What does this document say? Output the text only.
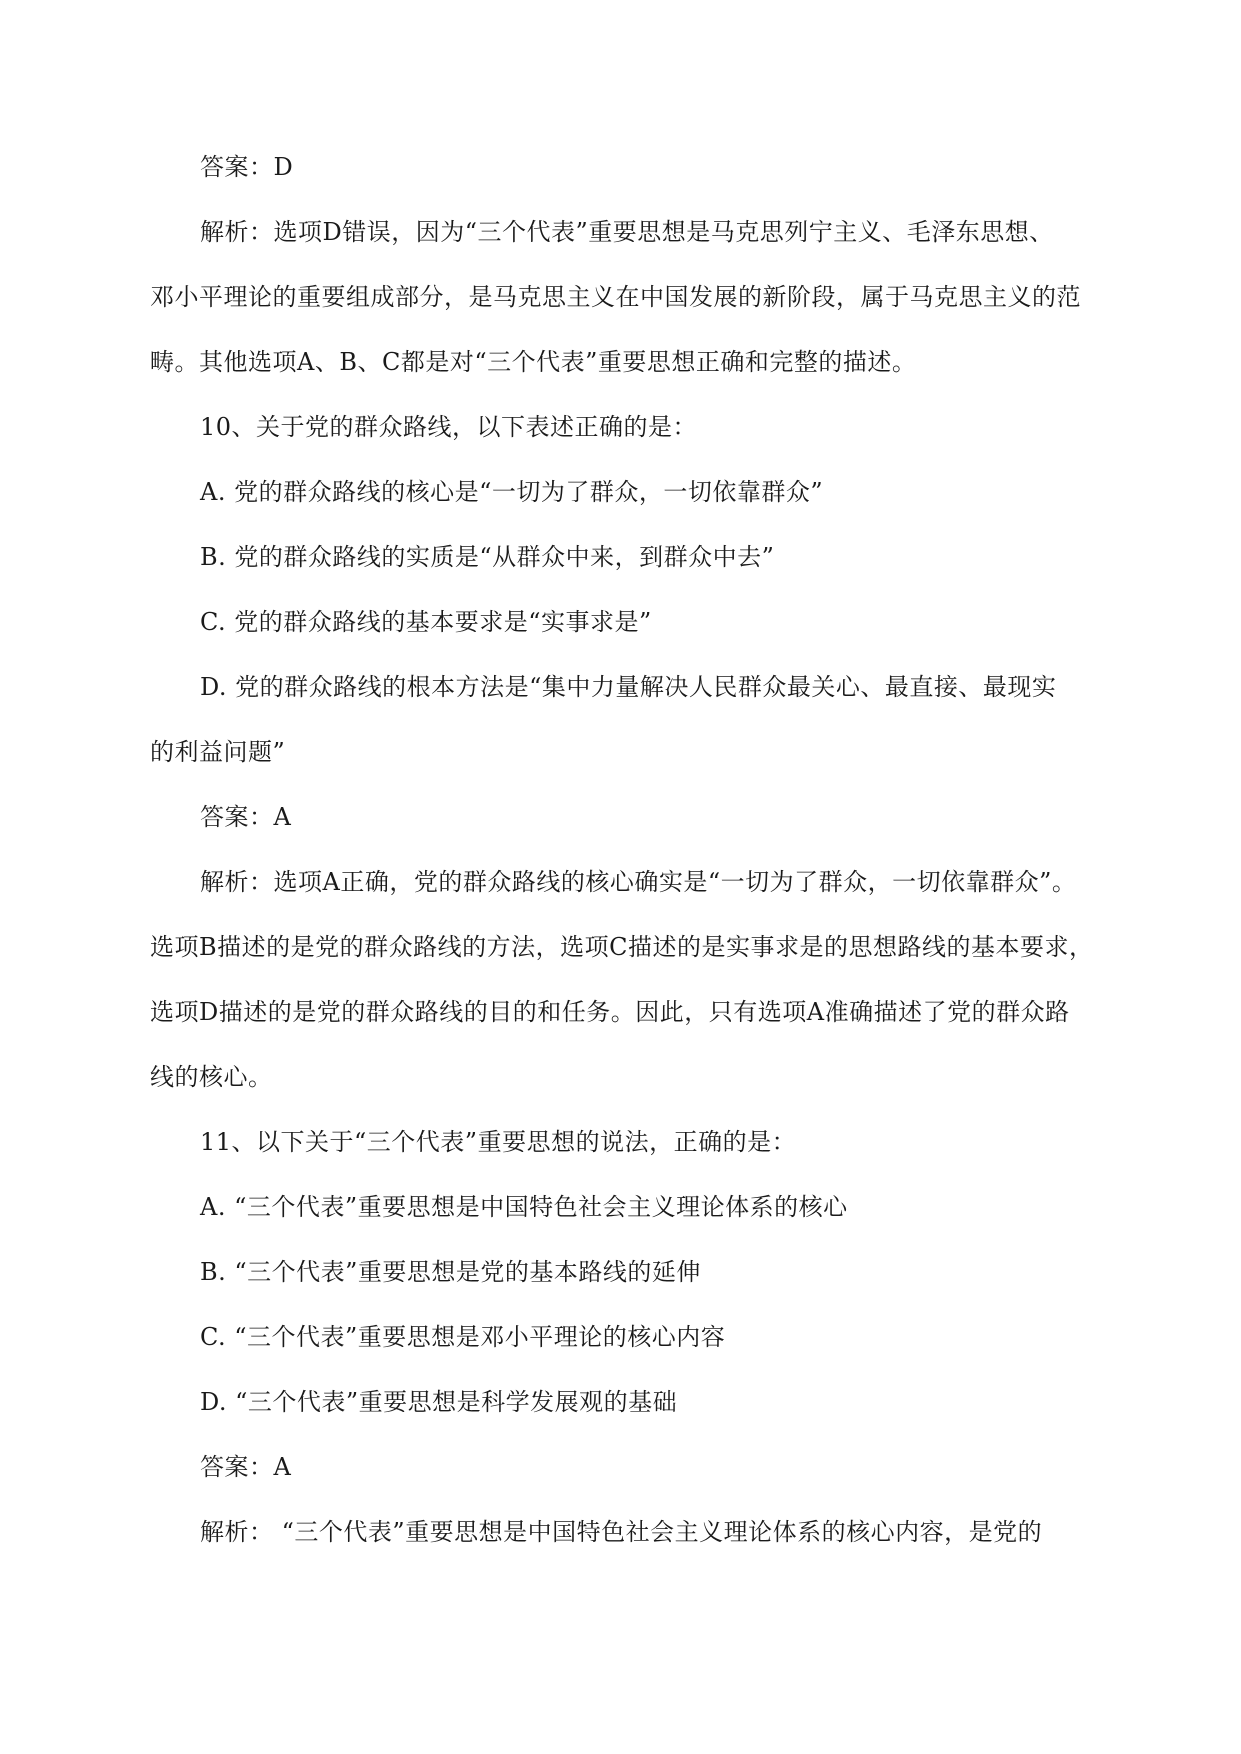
答案：D
解析：选项D错误，因为“三个代表”重要思想是马克思列宁主义、毛泽东思想、
邓小平理论的重要组成部分，是马克思主义在中国发展的新阶段，属于马克思主义的范
畴。其他选项A、B、C都是对“三个代表”重要思想正确和完整的描述。
10、关于党的群众路线，以下表述正确的是：
A. 党的群众路线的核心是“一切为了群众，一切依靠群众”
B. 党的群众路线的实质是“从群众中来，到群众中去”
C. 党的群众路线的基本要求是“实事求是”
D. 党的群众路线的根本方法是“集中力量解决人民群众最关心、最直接、最现实
的利益问题”
答案：A
解析：选项A正确，党的群众路线的核心确实是“一切为了群众，一切依靠群众”。
选项B描述的是党的群众路线的方法，选项C描述的是实事求是的思想路线的基本要求，
选项D描述的是党的群众路线的目的和任务。因此，只有选项A准确描述了党的群众路
线的核心。
11、以下关于“三个代表”重要思想的说法，正确的是：
A. “三个代表”重要思想是中国特色社会主义理论体系的核心
B. “三个代表”重要思想是党的基本路线的延伸
C. “三个代表”重要思想是邓小平理论的核心内容
D. “三个代表”重要思想是科学发展观的基础
答案：A
解析： “三个代表”重要思想是中国特色社会主义理论体系的核心内容，是党的
